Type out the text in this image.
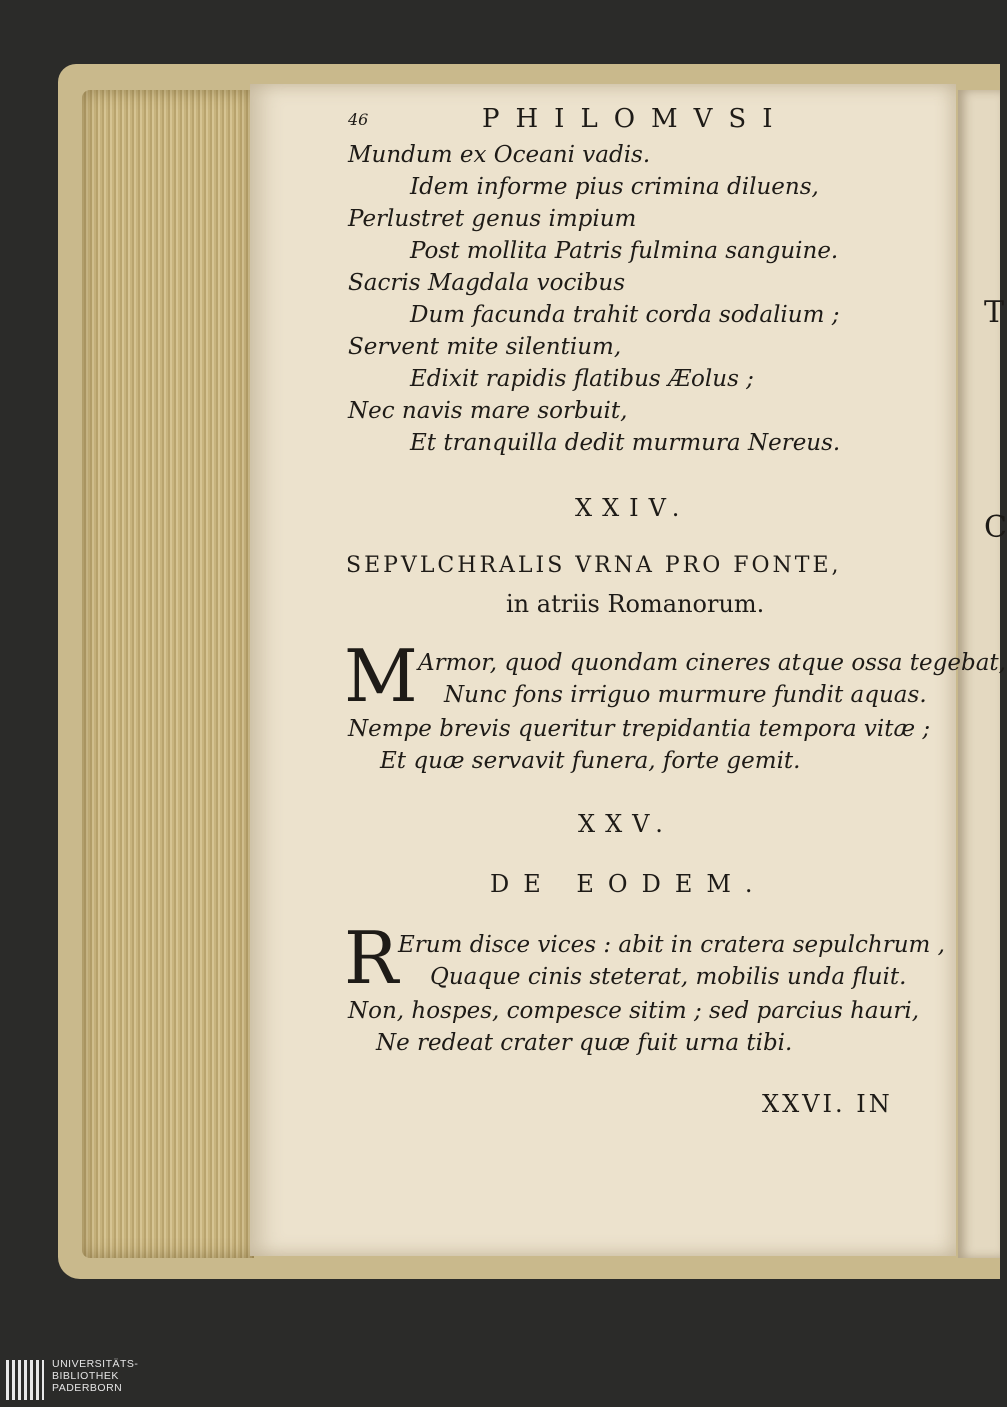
T
C
46	PHILOMVSI
Mundum ex Oceani vadis.
Idem informe pius crimina diluens,
Perlustret genus impium
Post mollita Patris fulmina sanguine.
Sacris Magdala vocibus
Dum facunda trahit corda sodalium ;
Servent mite silentium,
Edixit rapidis flatibus Æolus ;
Nec navis mare sorbuit,
Et tranquilla dedit murmura Nereus.
XXIV.
SEPVLCHRALIS VRNA PRO FONTE,
in atriis Romanorum.
M Armor, quod quondam cineres atque ossa tegebat,
Nunc fons irriguo murmure fundit aquas.
Nempe brevis queritur trepidantia tempora vitæ ;
Et quæ servavit funera, forte gemit.
XXV.
DE EODEM.
R Erum disce vices : abit in cratera sepulchrum ,
Quaque cinis steterat, mobilis unda fluit.
Non, hospes, compesce sitim ; sed parcius hauri,
Ne redeat crater quæ fuit urna tibi.
XXVI. IN
UNIVERSITÄTS-
BIBLIOTHEK
PADERBORN
